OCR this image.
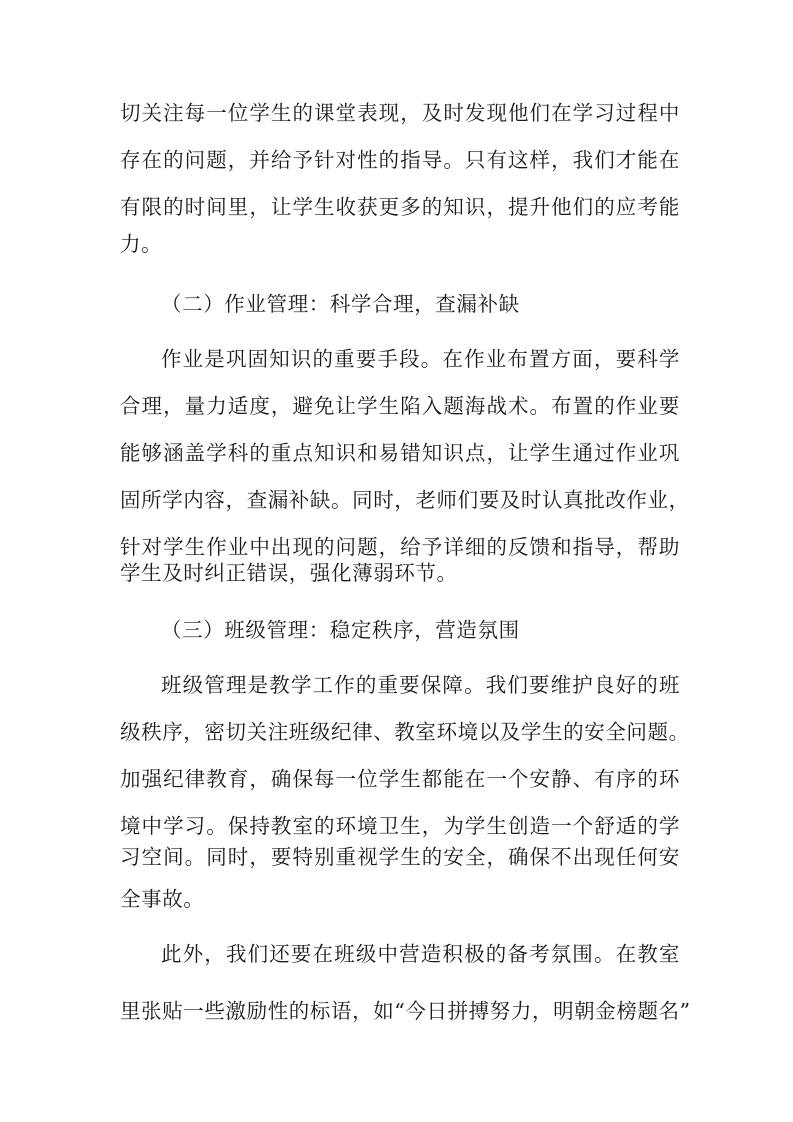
切关注每一位学生的课堂表现，及时发现他们在学习过程中
存在的问题，并给予针对性的指导。只有这样，我们才能在
有限的时间里，让学生收获更多的知识，提升他们的应考能
力。
（二）作业管理：科学合理，查漏补缺
作业是巩固知识的重要手段。在作业布置方面，要科学
合理，量力适度，避免让学生陷入题海战术。布置的作业要
能够涵盖学科的重点知识和易错知识点，让学生通过作业巩
固所学内容，查漏补缺。同时，老师们要及时认真批改作业，
针对学生作业中出现的问题，给予详细的反馈和指导，帮助
学生及时纠正错误，强化薄弱环节。
（三）班级管理：稳定秩序，营造氛围
班级管理是教学工作的重要保障。我们要维护良好的班
级秩序，密切关注班级纪律、教室环境以及学生的安全问题。
加强纪律教育，确保每一位学生都能在一个安静、有序的环
境中学习。保持教室的环境卫生，为学生创造一个舒适的学
习空间。同时，要特别重视学生的安全，确保不出现任何安
全事故。
此外，我们还要在班级中营造积极的备考氛围。在教室
里张贴一些激励性的标语，如“今日拼搏努力，明朝金榜题名”
